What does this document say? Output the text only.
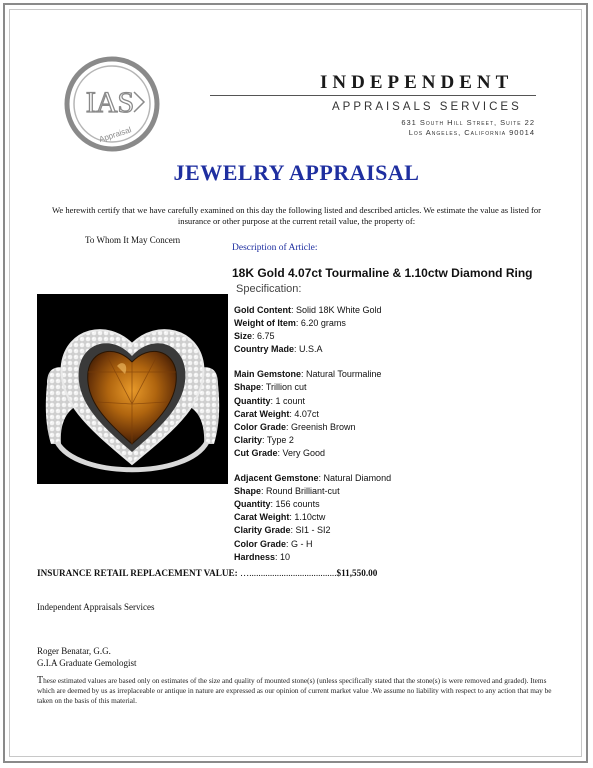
IAS
Appraisal
INDEPENDENT
APPRAISALS SERVICES
631 South Hill Street, Suite 22
Los Angeles, California 90014
JEWELRY APPRAISAL
We herewith certify that we have carefully examined on this day the following listed and described articles. We estimate the value as listed for insurance or other purpose at the current retail value, the property of:
To Whom It May Concern
Description of Article:
18K Gold 4.07ct Tourmaline & 1.10ctw Diamond Ring
Specification:
Gold Content: Solid 18K White Gold
Weight of Item: 6.20 grams
Size: 6.75
Country Made: U.S.A
Main Gemstone: Natural Tourmaline
Shape: Trillion cut
Quantity: 1 count
Carat Weight: 4.07ct
Color Grade: Greenish Brown
Clarity: Type 2
Cut Grade: Very Good
Adjacent Gemstone: Natural Diamond
Shape: Round Brilliant-cut
Quantity: 156 counts
Carat Weight: 1.10ctw
Clarity Grade: SI1 - SI2
Color Grade: G - H
Hardness: 10
INSURANCE RETAIL REPLACEMENT VALUE: …......................................$11,550.00
Independent Appraisals Services
Roger Benatar, G.G.
G.I.A Graduate Gemologist
These estimated values are based only on estimates of the size and quality of mounted stone(s) (unless specifically stated that the stone(s) is were removed and graded). Items which are deemed by us as irreplaceable or antique in nature are expressed as our opinion of current market value .We assume no liability with respect to any action that may be taken on the basis of this material.
